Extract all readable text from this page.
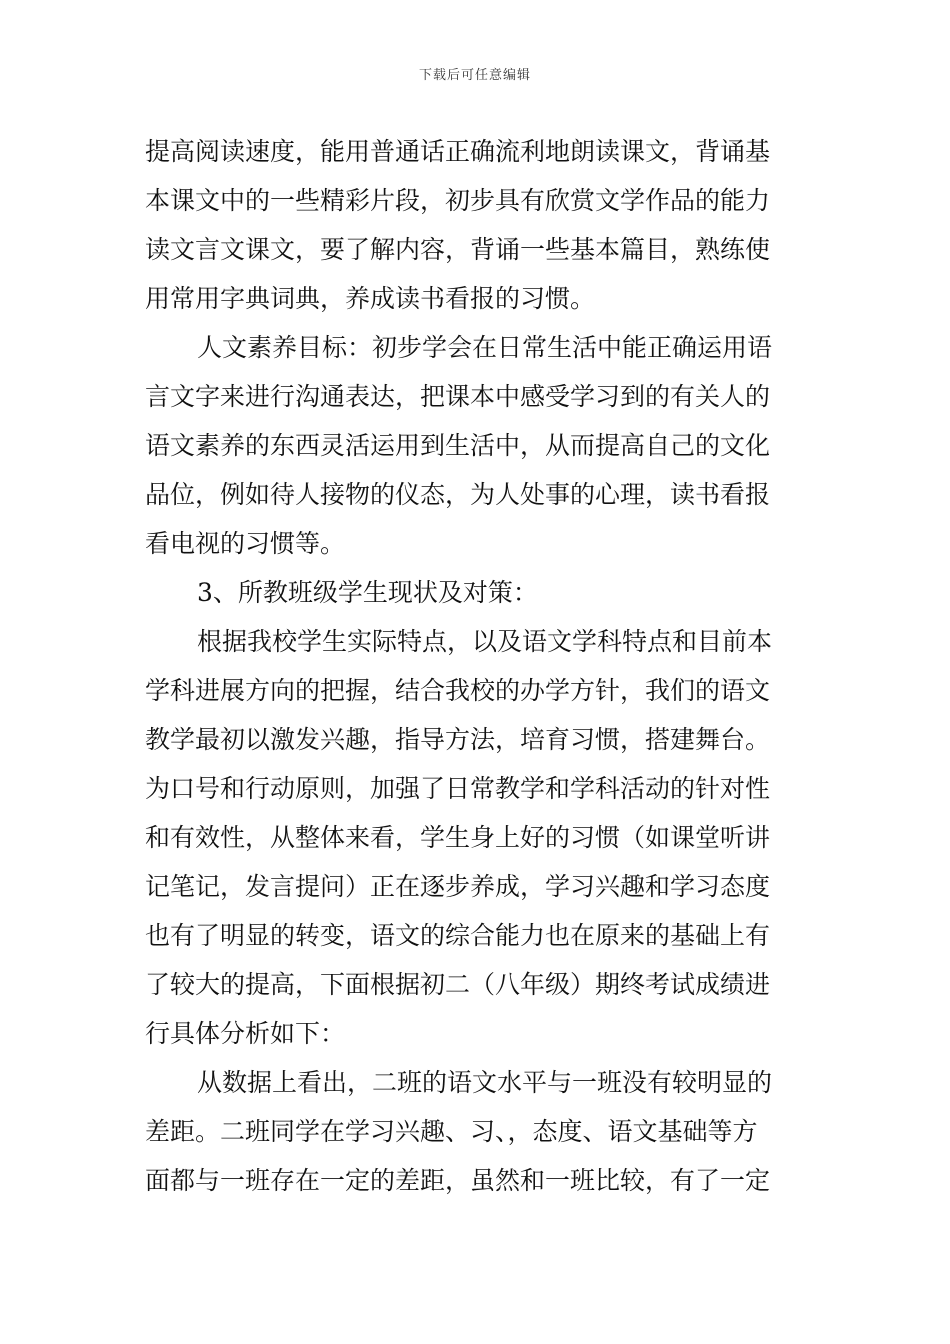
下载后可任意编辑
提高阅读速度，能用普通话正确流利地朗读课文，背诵基
本课文中的一些精彩片段，初步具有欣赏文学作品的能力
读文言文课文，要了解内容，背诵一些基本篇目，熟练使
用常用字典词典，养成读书看报的习惯。
人文素养目标：初步学会在日常生活中能正确运用语
言文字来进行沟通表达，把课本中感受学习到的有关人的
语文素养的东西灵活运用到生活中，从而提高自己的文化
品位，例如待人接物的仪态，为人处事的心理，读书看报
看电视的习惯等。
3、所教班级学生现状及对策：
根据我校学生实际特点，以及语文学科特点和目前本
学科进展方向的把握，结合我校的办学方针，我们的语文
教学最初以激发兴趣，指导方法，培育习惯，搭建舞台。
为口号和行动原则，加强了日常教学和学科活动的针对性
和有效性，从整体来看，学生身上好的习惯（如课堂听讲
记笔记，发言提问）正在逐步养成，学习兴趣和学习态度
也有了明显的转变，语文的综合能力也在原来的基础上有
了较大的提高，下面根据初二（八年级）期终考试成绩进
行具体分析如下：
从数据上看出，二班的语文水平与一班没有较明显的
差距。二班同学在学习兴趣、习、，态度、语文基础等方
面都与一班存在一定的差距，虽然和一班比较，有了一定
